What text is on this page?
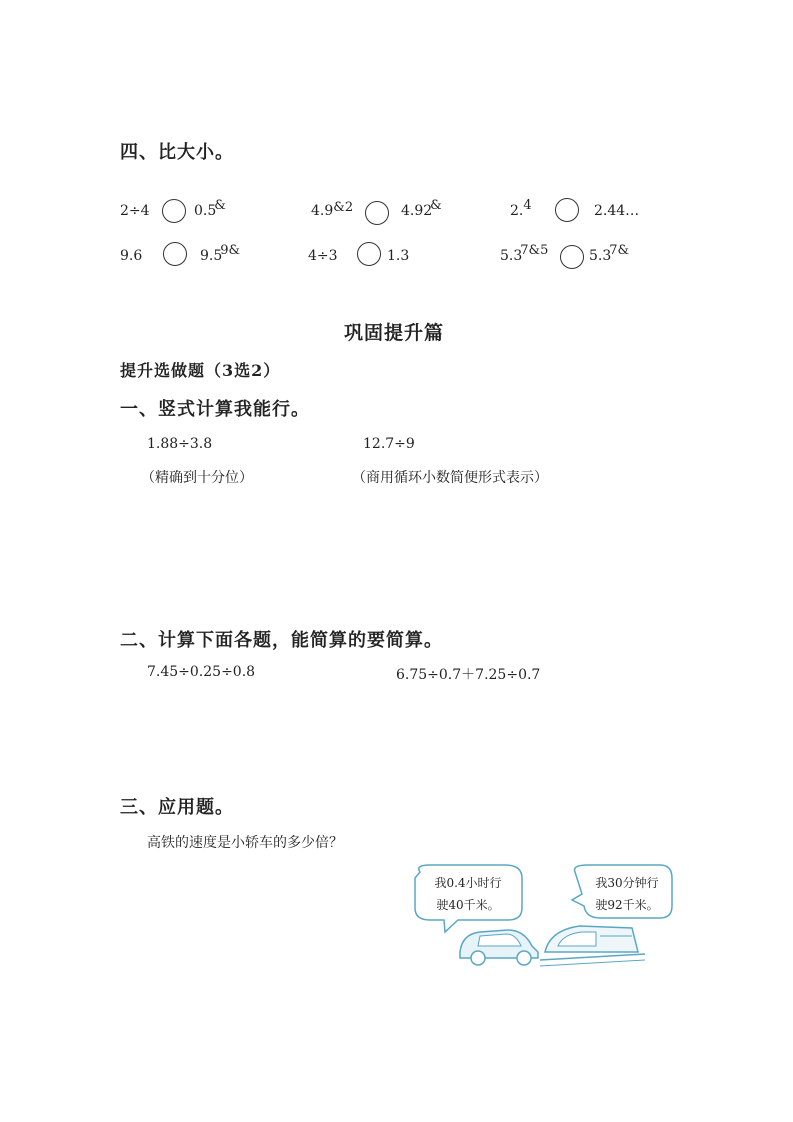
四、比大小。
2÷4	0.5&	4.9&2	4.92&	2.4	2.44…
9.6	9.59&	4÷3	1.3	5.37&5	5.37&
巩固提升篇
提升选做题（3选2）
一、竖式计算我能行。
1.88÷3.8	12.7÷9
（精确到十分位）	（商用循环小数简便形式表示）
二、计算下面各题，能简算的要简算。
7.45÷0.25÷0.8	6.75÷0.7＋7.25÷0.7
三、应用题。
高铁的速度是小轿车的多少倍？
我0.4小时行
驶40千米。
我30分钟行
驶92千米。
